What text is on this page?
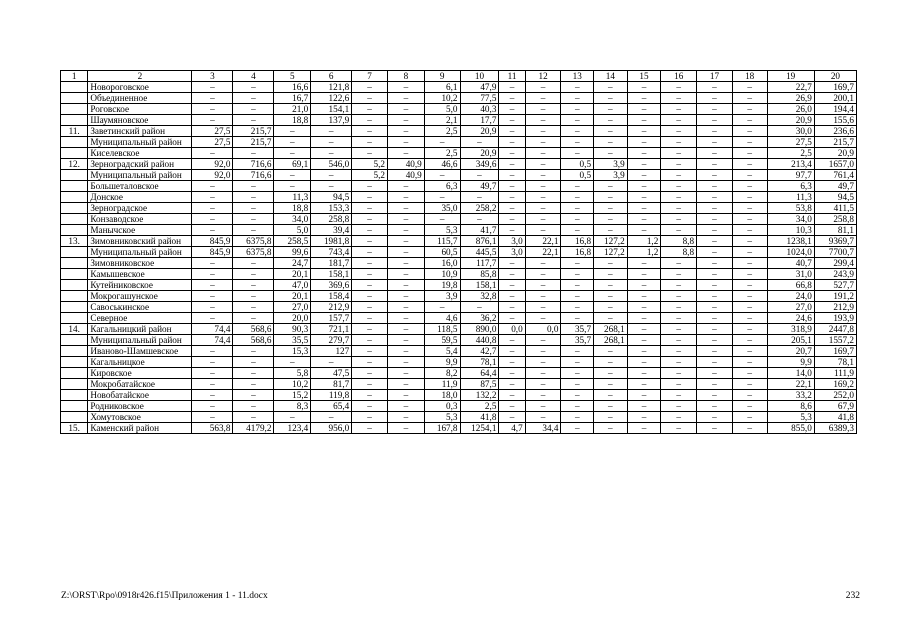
1	2	3	4	5	6	7	8	9	10	11	12	13	14	15	16	17	18	19	20
	Новороговское	–	–	16,6	121,8	–	–	6,1	47,9	–	–	–	–	–	–	–	–	22,7	169,7
	Объединенное	–	–	16,7	122,6	–	–	10,2	77,5	–	–	–	–	–	–	–	–	26,9	200,1
	Роговское	–	–	21,0	154,1	–	–	5,0	40,3	–	–	–	–	–	–	–	–	26,0	194,4
	Шаумяновское	–	–	18,8	137,9	–	–	2,1	17,7	–	–	–	–	–	–	–	–	20,9	155,6
11.	Заветинский район	27,5	215,7	–	–	–	–	2,5	20,9	–	–	–	–	–	–	–	–	30,0	236,6
	Муниципальный район	27,5	215,7	–	–	–	–	–	–	–	–	–	–	–	–	–	–	27,5	215,7
	Киселевское	–	–	–	–	–	–	2,5	20,9	–	–	–	–	–	–	–	–	2,5	20,9
12.	Зерноградский район	92,0	716,6	69,1	546,0	5,2	40,9	46,6	349,6	–	–	0,5	3,9	–	–	–	–	213,4	1657,0
	Муниципальный район	92,0	716,6	–	–	5,2	40,9	–	–	–	–	0,5	3,9	–	–	–	–	97,7	761,4
	Большеталовское	–	–	–	–	–	–	6,3	49,7	–	–	–	–	–	–	–	–	6,3	49,7
	Донское	–	–	11,3	94,5	–	–	–	–	–	–	–	–	–	–	–	–	11,3	94,5
	Зерноградское	–	–	18,8	153,3	–	–	35,0	258,2	–	–	–	–	–	–	–	–	53,8	411,5
	Конзаводское	–	–	34,0	258,8	–	–	–	–	–	–	–	–	–	–	–	–	34,0	258,8
	Манычское	–	–	5,0	39,4	–	–	5,3	41,7	–	–	–	–	–	–	–	–	10,3	81,1
13.	Зимовниковский район	845,9	6375,8	258,5	1981,8	–	–	115,7	876,1	3,0	22,1	16,8	127,2	1,2	8,8	–	–	1238,1	9369,7
	Муниципальный район	845,9	6375,8	99,6	743,4	–	–	60,5	445,5	3,0	22,1	16,8	127,2	1,2	8,8	–	–	1024,0	7700,7
	Зимовниковское	–	–	24,7	181,7	–	–	16,0	117,7	–	–	–	–	–	–	–	–	40,7	299,4
	Камышевское	–	–	20,1	158,1	–	–	10,9	85,8	–	–	–	–	–	–	–	–	31,0	243,9
	Кутейниковское	–	–	47,0	369,6	–	–	19,8	158,1	–	–	–	–	–	–	–	–	66,8	527,7
	Мокрогашунское	–	–	20,1	158,4	–	–	3,9	32,8	–	–	–	–	–	–	–	–	24,0	191,2
	Савоськинское	–	–	27,0	212,9	–	–	–	–	–	–	–	–	–	–	–	–	27,0	212,9
	Северное	–	–	20,0	157,7	–	–	4,6	36,2	–	–	–	–	–	–	–	–	24,6	193,9
14.	Кагальницкий район	74,4	568,6	90,3	721,1	–	–	118,5	890,0	0,0	0,0	35,7	268,1	–	–	–	–	318,9	2447,8
	Муниципальный район	74,4	568,6	35,5	279,7	–	–	59,5	440,8	–	–	35,7	268,1	–	–	–	–	205,1	1557,2
	Иваново-Шамшевское	–	–	15,3	127	–	–	5,4	42,7	–	–	–	–	–	–	–	–	20,7	169,7
	Кагальницкое	–	–	–	–	–	–	9,9	78,1	–	–	–	–	–	–	–	–	9,9	78,1
	Кировское	–	–	5,8	47,5	–	–	8,2	64,4	–	–	–	–	–	–	–	–	14,0	111,9
	Мокробатайское	–	–	10,2	81,7	–	–	11,9	87,5	–	–	–	–	–	–	–	–	22,1	169,2
	Новобатайское	–	–	15,2	119,8	–	–	18,0	132,2	–	–	–	–	–	–	–	–	33,2	252,0
	Родниковское	–	–	8,3	65,4	–	–	0,3	2,5	–	–	–	–	–	–	–	–	8,6	67,9
	Хомутовское	–	–	–	–	–	–	5,3	41,8	–	–	–	–	–	–	–	–	5,3	41,8
15.	Каменский район	563,8	4179,2	123,4	956,0	–	–	167,8	1254,1	4,7	34,4	–	–	–	–	–	–	855,0	6389,3
Z:\ORST\Rpo\0918r426.f15\Приложения 1 - 11.docx	232
